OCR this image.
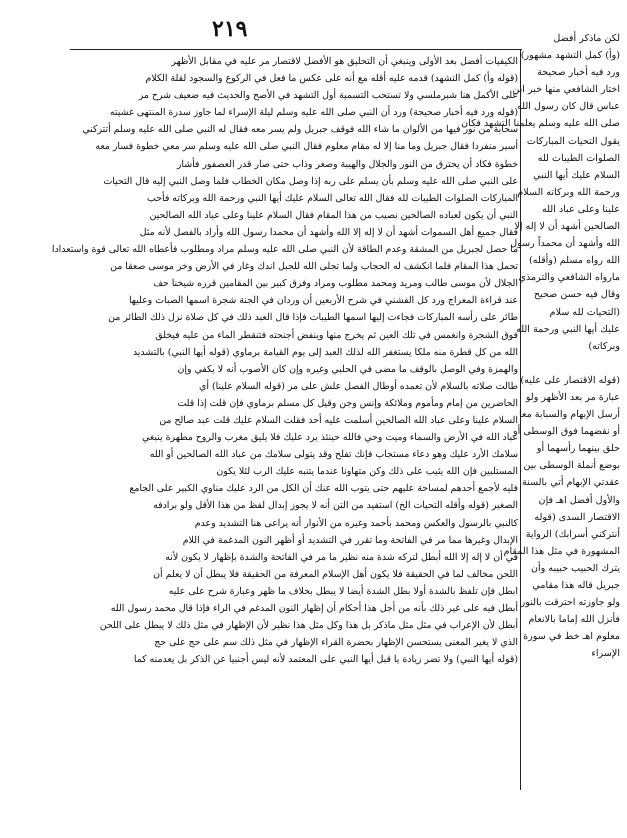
٢١٩	لكن ماذكر أفضل
(وأ) كمل التشهد مشهور)
ورد فيه أخبار صحيحة
اختار الشافعي منها خبر ابن
عباس قال كان رسول الله
صلى الله عليه وسلم يعلمنا التشهد فكان
يقول التحيات المباركات
الصلوات الطيبات لله
السلام عليك أيها النبي
ورحمة الله وبركاته السلام
علينا وعلى عباد الله
الصالحين أشهد أن لا إله إلا
الله وأشهد أن محمداً رسول
الله رواه مسلم (وأقله)
مارواه الشافعي والترمذي
وقال فيه حسن صحيح
(التحيات لله سلام
عليك أيها النبي ورحمة الله
وبركاته)

(قوله الاقتصار على عليه)
عبارة مر بعد الأظهر ولو
أرسل الإبهام والسبابة معا
أو نقضهما فوق الوسطى أو
حلق بينهما رأسهما أو
بوضع أنملة الوسطى بين
عقدتي الإبهام أتي بالسنة
والأول أفضل اهـ فإن
الاقتصار السدى (قوله
أنتركني أسرابك) الرواية
المشهورة في مثل هذا المقام
يترك الحبيب حبيبه وأن
جبريل قاله هذا مقامي
ولو جاوزته احترقت بالنور
فأنزل الله إماما بالانعام
معلوم اهـ خط في سورة
الإسراء
الكيفيات أفضل بعد الأولى وينبغي أن التحليق هو الأفضل لاقتصار مر عليه في مقابل الأظهر
(قوله وأ) كمل التشهد) قدمه عليه أقله مع أنه على عكس ما فعل في الركوع والسجود لقلة الكلام
على الأكمل هنا شبرملسي ولا تستحب التسمية أول التشهد في الأصح والحديث فيه ضعيف شرح مر
(قوله ورد فيه أخبار صحيحة) ورد أن النبي صلى الله عليه وسلم ليلة الإسراء لما جاوز سدرة المنتهى غشيته
سحابة من نور فيها من الألوان ما شاء الله فوقف جبريل ولم يسر معه فقال له النبي صلى الله عليه وسلم أتتركني
أسير منفردا فقال جبريل وما منا إلا له مقام معلوم فقال النبي صلى الله عليه وسلم سر معي خطوة فسار معه
خطوة فكاد أن يحترق من النور والجلال والهيبة وصغر وذاب حتى صار قدر العصفور فأشار
على النبي صلى الله عليه وسلم بأن يسلم على ربه إذا وصل مكان الخطاب فلما وصل النبي إليه قال التحيات
المباركات الصلوات الطيبات لله فقال الله تعالى السلام عليك أيها النبي ورحمة الله وبركاته فأحب
النبي أن يكون لعباده الصالحين نصيب من هذا المقام فقال السلام علينا وعلى عباد الله الصالحين
فقال جميع أهل السموات أشهد أن لا إله إلا الله وأشهد أن محمدا رسول الله وأراد بالفصل لأنه مثل
ما حصل لجبريل من المشقة وعدم الطاقة لأن النبي صلى الله عليه وسلم مراد ومطلوب فأعطاه الله تعالى قوة واستعدادا
تحمل هذا المقام فلما انكشف له الحجاب ولما تجلى الله للجبل اندك وغار في الأرض وخر موسى صعقا من
الجلال لأن موسى طالب ومريد ومحمد مطلوب ومراد وفرق كبير بين المقامين قرره شيخنا حف
عند قراءة المعراج ورد كل الفشني في شرح الأربعين أن وردان في الجنة شجرة اسمها الصبات وعليها
طائر على رأسه المباركات فجاءت إليها اسمها الطيبات فإذا قال العبد ذلك في كل صلاة نزل ذلك الطائر من
فوق الشجرة وانغمس في تلك العين ثم يخرج منها وينفض أجنحته فتنقطر الماء من عليه فيخلق
الله من كل قطرة منه ملكا يستغفر الله لذلك العبد إلى يوم القيامة برماوي (قوله أيها النبي) بالتشديد
والهمزة وفي الوصل بالوقف ما مضى في الحلبي وغيره وإن كان الأصوب أنه لا يكفي وإن
طالت صلاته بالسلام لأن تعمده أوطال الفصل علش على مر (قوله السلام علينا) أي
الحاضرين من إمام ومأموم وملائكة وإنس وجن وقيل كل مسلم برماوي فإن قلت إذا قلت
السلام علينا وعلى عباد الله الصالحين أسلمت عليه أحد فقلت السلام عليك قلت عبد صالح من
عباد الله في الأرض والسماء وميت وحي فالله حينئذ يرد عليك فلا يليق مغرب والروح مطهرة ينبغي
سلامك الأرد عليك وهو دعاء مستجاب فإنك تفلح وقد يتولى سلامك من عباد الله الصالحين أو الله
المستلبين فإن الله يثيب على ذلك وكن متهاونا عندما يتنبه عليك الرب لئلا يكون
فليه لأجمع أحدهم لمساحة عليهم حتى يتوب الله عنك أن الكل من الرد عليك مناوي الكبير على الجامع
الصغير (قوله وأقله التحيات الخ) استفيد من التن أنه لا يجوز إبدال لفظ من هذا الأقل ولو برادفه
كالنبي بالرسول والعكس ومحمد بأحمد وغيره من الأنوار أنه يراعى هنا التشديد وعدم
الإبدال وغيرها مما مر في الفاتحة وما تقرر في التشديد أو أظهر النون المدغمة في اللام
في أن لا إله إلا الله أبطل لتركه شدة منه نظير ما مر في الفاتحة والشدة بإظهار لا يكون لأنه
اللحن مخالف لما في الحقيقة فلا يكون أهل الإسلام المعرفة من الحقيقة فلا يبطل أن لا يعلم أن
ابطل فإن تلفظ بالشدة أولا بطل الشدة أيضا لا يبطل بخلاف ما ظهر وعبارة شرح على عليه
أبطل فيه على غير ذلك بأنه من أجل هذا أحكام أن إظهار النون المدغم في الراء فإذا قال محمد رسول الله
أبطل لأن الإعراب في مثل مثل ماذكر بل هذا وكل مثل هذا نظير لأن الإظهار في مثل ذلك لا يبطل على اللحن
الذي لا يغير المعنى يستحسن الإظهار بحضرة القراء الإظهار في مثل ذلك سم على حج على حج
(قوله أيها النبي) ولا تضر زيادة يا قبل أيها النبي على المعتمد لأنه ليس أجنبيا عن الذكر بل يعدمنه كما
